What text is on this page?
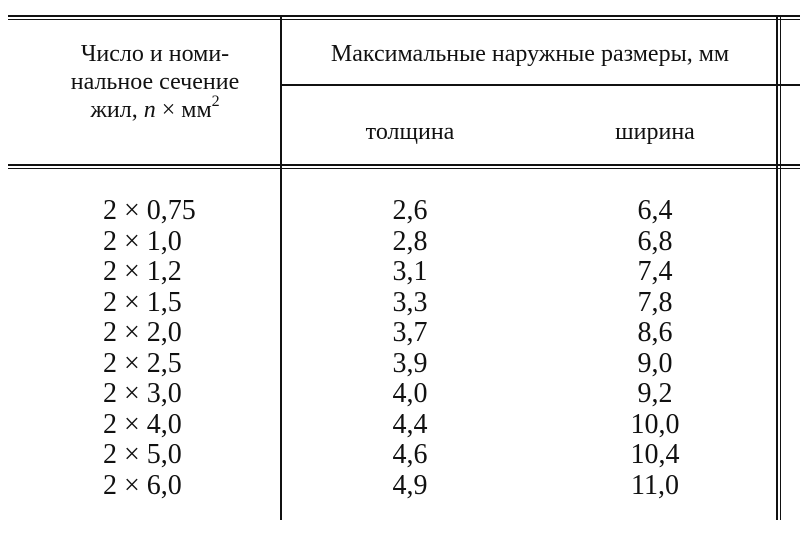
Число и номи-
нальное сечение
жил, $n \times мм^2$
Максимальные наружные размеры, мм
толщина	ширина
2 × 0,75
2 × 1,0
2 × 1,2
2 × 1,5
2 × 2,0
2 × 2,5
2 × 3,0
2 × 4,0
2 × 5,0
2 × 6,0
2,6
2,8
3,1
3,3
3,7
3,9
4,0
4,4
4,6
4,9
6,4
6,8
7,4
7,8
8,6
9,0
9,2
10,0
10,4
11,0
